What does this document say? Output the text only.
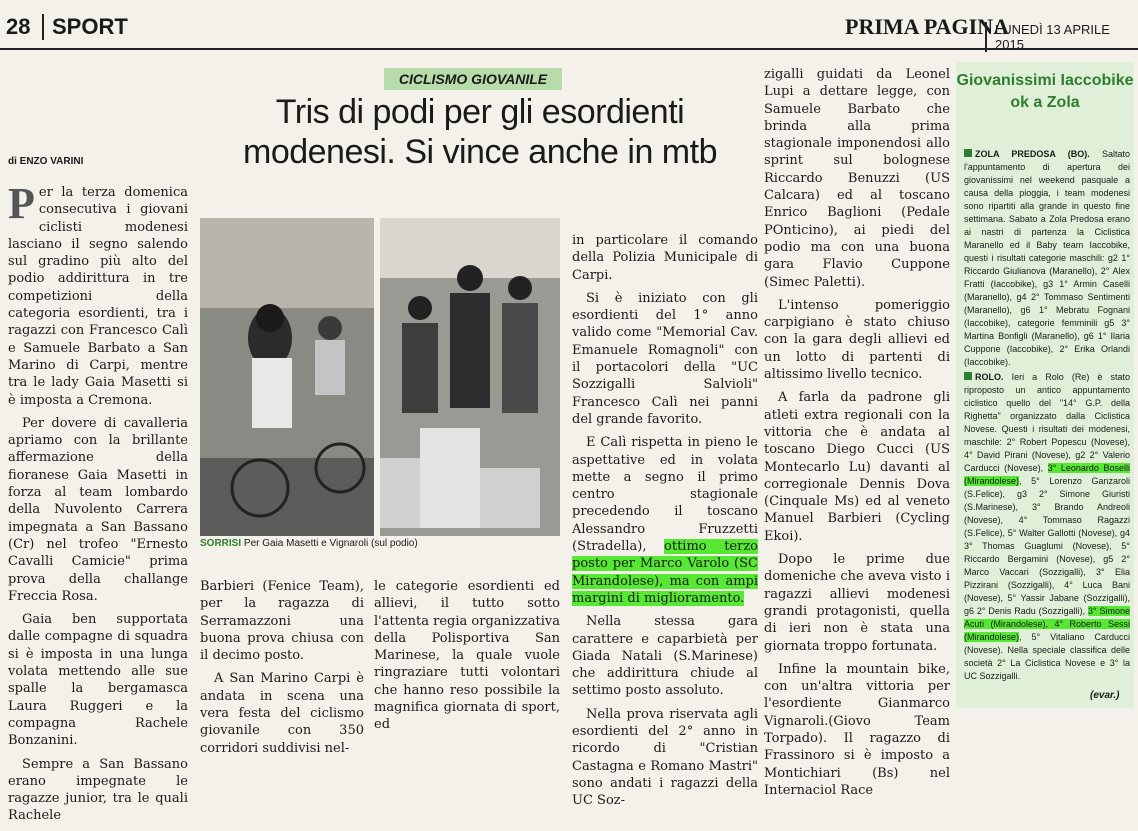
28 SPORT	PRIMA PAGINA
LUNEDÌ 13 APRILE 2015
CICLISMO GIOVANILE
Tris di podi per gli esordienti modenesi. Si vince anche in mtb
di ENZO VARINI

Per la terza domenica consecutiva i giovani ciclisti modenesi lasciano il segno salendo sul gradino più alto del podio addirittura in tre competizioni della categoria esordienti, tra i ragazzi con Francesco Calì e Samuele Barbato a San Marino di Carpi, mentre tra le lady Gaia Masetti si è imposta a Cremona.

Per dovere di cavalleria apriamo con la brillante affermazione della fioranese Gaia Masetti in forza al team lombardo della Nuvolento Carrera impegnata a San Bassano (Cr) nel trofeo "Ernesto Cavalli Camicie" prima prova della challange Freccia Rosa.

Gaia ben supportata dalle compagne di squadra si è imposta in una lunga volata mettendo alle sue spalle la bergamasca Laura Ruggeri e la compagna Rachele Bonzanini.

Sempre a San Bassano erano impegnate le ragazze junior, tra le quali Rachele

SORRISI Per Gaia Masetti e Vignaroli (sul podio)

Barbieri (Fenice Team), per la ragazza di Serramazzoni una buona prova chiusa con il decimo posto.

A San Marino Carpi è andata in scena una vera festa del ciclismo giovanile con 350 corridori suddivisi nel-

le categorie esordienti ed allievi, il tutto sotto l'attenta regia organizzativa della Polisportiva San Marinese, la quale vuole ringraziare tutti volontari che hanno reso possibile la magnifica giornata di sport, ed

in particolare il comando della Polizia Municipale di Carpi.

Si è iniziato con gli esordienti del 1° anno valido come "Memorial Cav. Emanuele Romagnoli" con il portacolori della "UC Sozzigalli Salvioli" Francesco Calì nei panni del grande favorito.

E Calì rispetta in pieno le aspettative ed in volata mette a segno il primo centro stagionale precedendo il toscano Alessandro Fruzzetti (Stradella), ottimo terzo posto per Marco Varolo (SC Mirandolese), ma con ampi margini di miglioramento.

Nella stessa gara carattere e caparbietà per Giada Natali (S.Marinese) che addirittura chiude al settimo posto assoluto.

Nella prova riservata agli esordienti del 2° anno in ricordo di "Cristian Castagna e Romano Mastri" sono andati i ragazzi della UC Soz-

zigalli guidati da Leonel Lupi a dettare legge, con Samuele Barbato che brinda alla prima stagionale imponendosi allo sprint sul bolognese Riccardo Benuzzi (US Calcara) ed al toscano Enrico Baglioni (Pedale POnticino), ai piedi del podio ma con una buona gara Flavio Cuppone (Simec Paletti).

L'intenso pomeriggio carpigiano è stato chiuso con la gara degli allievi ed un lotto di partenti di altissimo livello tecnico.

A farla da padrone gli atleti extra regionali con la vittoria che è andata al toscano Diego Cucci (US Montecarlo Lu) davanti al corregionale Dennis Dova (Cinquale Ms) ed al veneto Manuel Barbieri (Cycling Ekoi).

Dopo le prime due domeniche che aveva visto i ragazzi allievi modenesi grandi protagonisti, quella di ieri non è stata una giornata troppo fortunata.

Infine la mountain bike, con un'altra vittoria per l'esordiente Gianmarco Vignaroli.(Giovo Team Torpado). Il ragazzo di Frassinoro si è imposto a Montichiari (Bs) nel Internaciol Race

Giovanissimi Iaccobike ok a Zola

ZOLA PREDOSA (BO). Saltato l'appuntamento di apertura dei giovanissimi nel weekend pasquale a causa della pioggia, i team modenesi sono ripartiti alla grande in questo fine settimana. Sabato a Zola Predosa erano ai nastri di partenza la Ciclistica Maranello ed il Baby team Iaccobike, questi i risultati categorie maschili: g2 1° Riccardo Giulianova (Maranello), 2° Alex Fratti (Iaccobike), g3 1° Armin Caselli (Maranello), g4 2° Tommaso Sentimenti (Maranello), g6 1° Mebratu Fognani (Iaccobike), categorie femminili g5 3° Martina Bonfigli (Maranello), g6 1° Ilaria Cuppone (Iaccobike), 2° Erika Orlandi (Iaccobike).

ROLO. Ieri a Rolo (Re) è stato riproposto un antico appuntamento ciclistico quello del "14° G.P. della Righetta" organizzato dalla Ciclistica Novese. Questi i risultati dei modenesi, maschile: 2° Robert Popescu (Novese), 4° David Pirani (Novese), g2 2° Valerio Carducci (Novese), 3° Leonardo Boselli (Mirandolese), 5° Lorenzo Ganzaroli (S.Felice), g3 2° Simone Giuristi (S.Marinese), 3° Brando Andreoli (Novese), 4° Tommaso Ragazzi (S.Felice), 5° Walter Gallotti (Novese), g4 3° Thomas Guaglumi (Novese), 5° Riccardo Bergamini (Novese), g5 2° Marco Vaccari (Sozzigalli), 3° Elia Pizzirani (Sozzigalli), 4° Luca Bani (Novese), 5° Yassir Jabane (Sozzigalli), g6 2° Denis Radu (Sozzigalli), 3° Simone Acuti (Mirandolese), 4° Roberto Sessi (Mirandolese), 5° Vitaliano Carducci (Novese). Nella speciale classifica delle società 2° La Ciclistica Novese e 3° la UC Sozzigalli.

(evar.)
